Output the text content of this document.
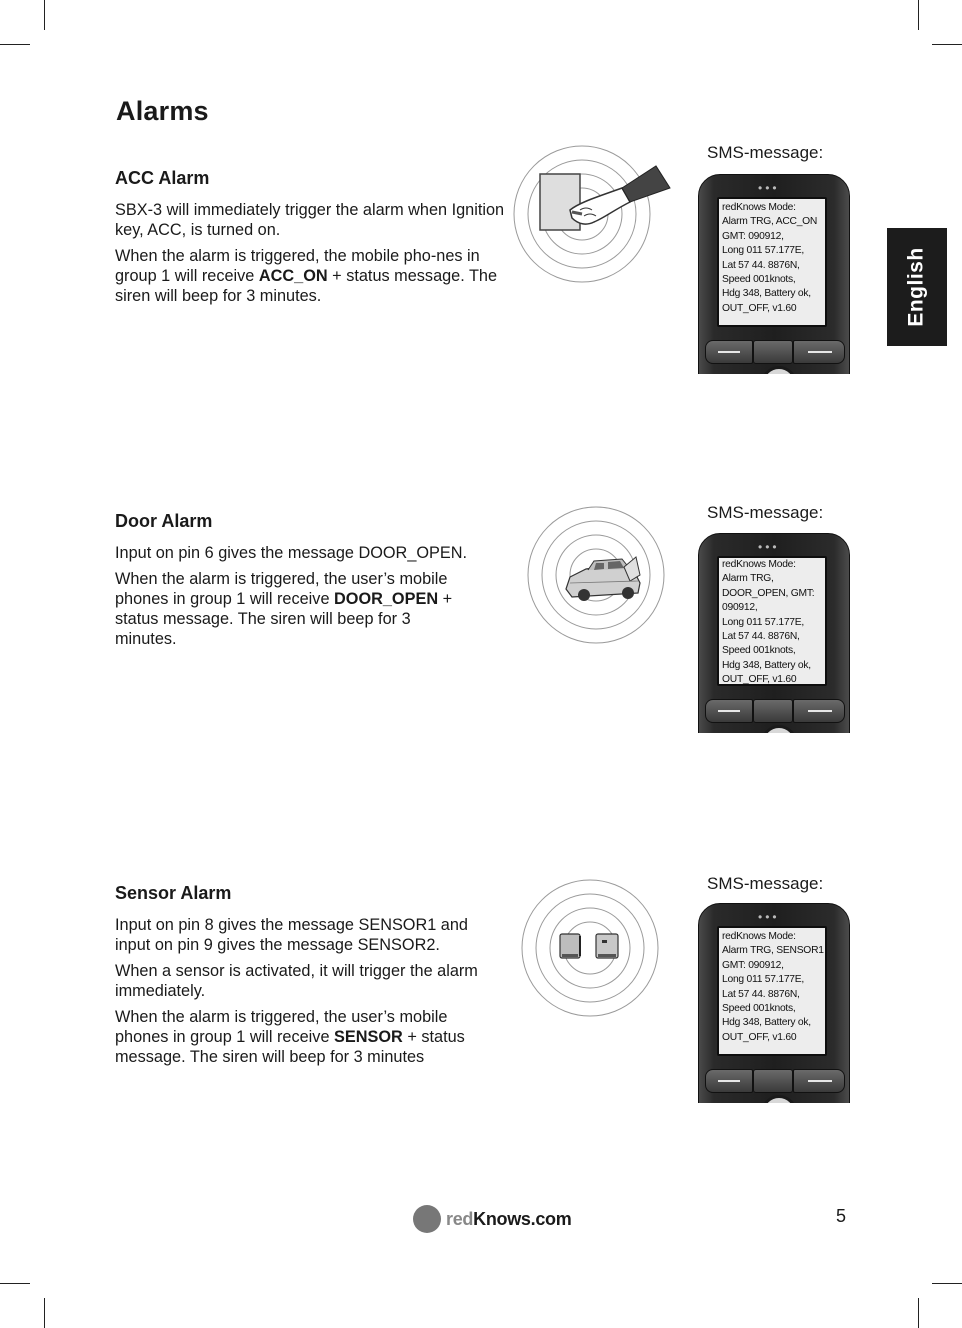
Alarms
English
ACC Alarm

SBX-3 will immediately trigger the alarm when Ignition key, ACC, is turned on.

When the alarm is triggered, the mobile pho-nes in group 1 will receive ACC_ON + status message. The siren will beep for 3 minutes.

SMS-message:
•••
redKnows Mode:
Alarm TRG, ACC_ON
GMT: 090912,
Long 011 57.177E,
Lat 57 44. 8876N,
Speed 001knots,
Hdg 348, Battery ok,
OUT_OFF, v1.60
Door Alarm

Input on pin 6 gives the message DOOR_OPEN.

When the alarm is triggered, the user’s mobile phones in group 1 will receive DOOR_OPEN + status message. The siren will beep for 3 minutes.

SMS-message:
•••
redKnows Mode:
Alarm TRG,
DOOR_OPEN, GMT:
090912,
Long 011 57.177E,
Lat 57 44. 8876N,
Speed 001knots,
Hdg 348, Battery ok,
OUT_OFF, v1.60
Sensor Alarm

Input on pin 8 gives the message SENSOR1 and input on pin 9 gives the message SENSOR2.

When a sensor is activated, it will trigger the alarm immediately.

When the alarm is triggered, the user’s mobile phones in group 1 will receive SENSOR + status message. The siren will beep for 3 minutes

SMS-message:
•••
redKnows Mode:
Alarm TRG, SENSOR1
GMT: 090912,
Long 011 57.177E,
Lat 57 44. 8876N,
Speed 001knots,
Hdg 348, Battery ok,
OUT_OFF, v1.60
redKnows.com	5
